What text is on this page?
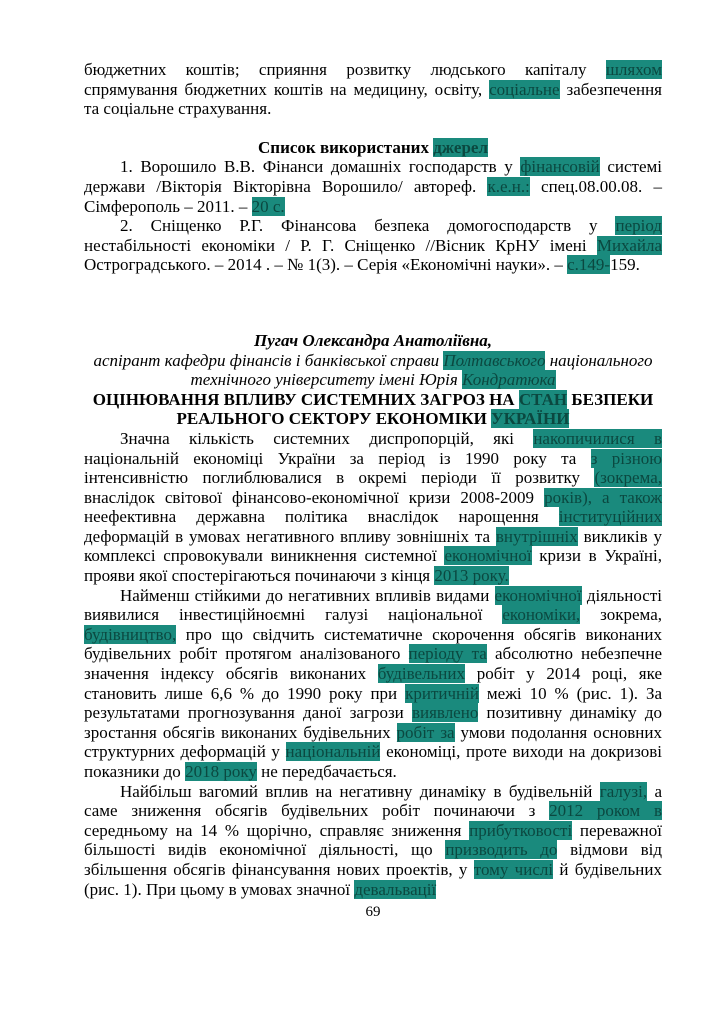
бюджетних коштів; сприяння розвитку людського капіталу шляхом спрямування бюджетних коштів на медицину, освіту, соціальне забезпечення та соціальне страхування.

Список використаних джерел

1. Ворошило В.В. Фінанси домашніх господарств у фінансовій системі держави /Вікторія Вікторівна Ворошило/ автореф. к.е.н.: спец.08.00.08. – Сімферополь – 2011. – 20 с.

2. Сніщенко Р.Г. Фінансова безпека домогосподарств у період нестабільності економіки / Р. Г. Сніщенко //Вісник КрНУ імені Михайла Остроградського. – 2014 . – № 1(3). – Серія «Економічні науки». – с.149-159.

Пугач Олександра Анатоліївна,

аспірант кафедри фінансів і банківської справи Полтавського національного технічного університету імені Юрія Кондратюка

ОЦІНЮВАННЯ ВПЛИВУ СИСТЕМНИХ ЗАГРОЗ НА СТАН БЕЗПЕКИ РЕАЛЬНОГО СЕКТОРУ ЕКОНОМІКИ УКРАЇНИ

Значна кількість системних диспропорцій, які накопичилися в національній економіці України за період із 1990 року та з різною інтенсивністю поглиблювалися в окремі періоди її розвитку (зокрема, внаслідок світової фінансово-економічної кризи 2008-2009 років), а також неефективна державна політика внаслідок нарощення інституційних деформацій в умовах негативного впливу зовнішніх та внутрішніх викликів у комплексі спровокували виникнення системної економічної кризи в Україні, прояви якої спостерігаються починаючи з кінця 2013 року.

Найменш стійкими до негативних впливів видами економічної діяльності виявилися інвестиційноємні галузі національної економіки, зокрема, будівництво, про що свідчить систематичне скорочення обсягів виконаних будівельних робіт протягом аналізованого періоду та абсолютно небезпечне значення індексу обсягів виконаних будівельних робіт у 2014 році, яке становить лише 6,6 % до 1990 року при критичній межі 10 % (рис. 1). За результатами прогнозування даної загрози виявлено позитивну динаміку до зростання обсягів виконаних будівельних робіт за умови подолання основних структурних деформацій у національній економіці, проте виходи на докризові показники до 2018 року не передбачається.

Найбільш вагомий вплив на негативну динаміку в будівельній галузі, а саме зниження обсягів будівельних робіт починаючи з 2012 роком в середньому на 14 % щорічно, справляє зниження прибутковості переважної більшості видів економічної діяльності, що призводить до відмови від збільшення обсягів фінансування нових проектів, у тому числі й будівельних (рис. 1). При цьому в умовах значної девальвації

69
